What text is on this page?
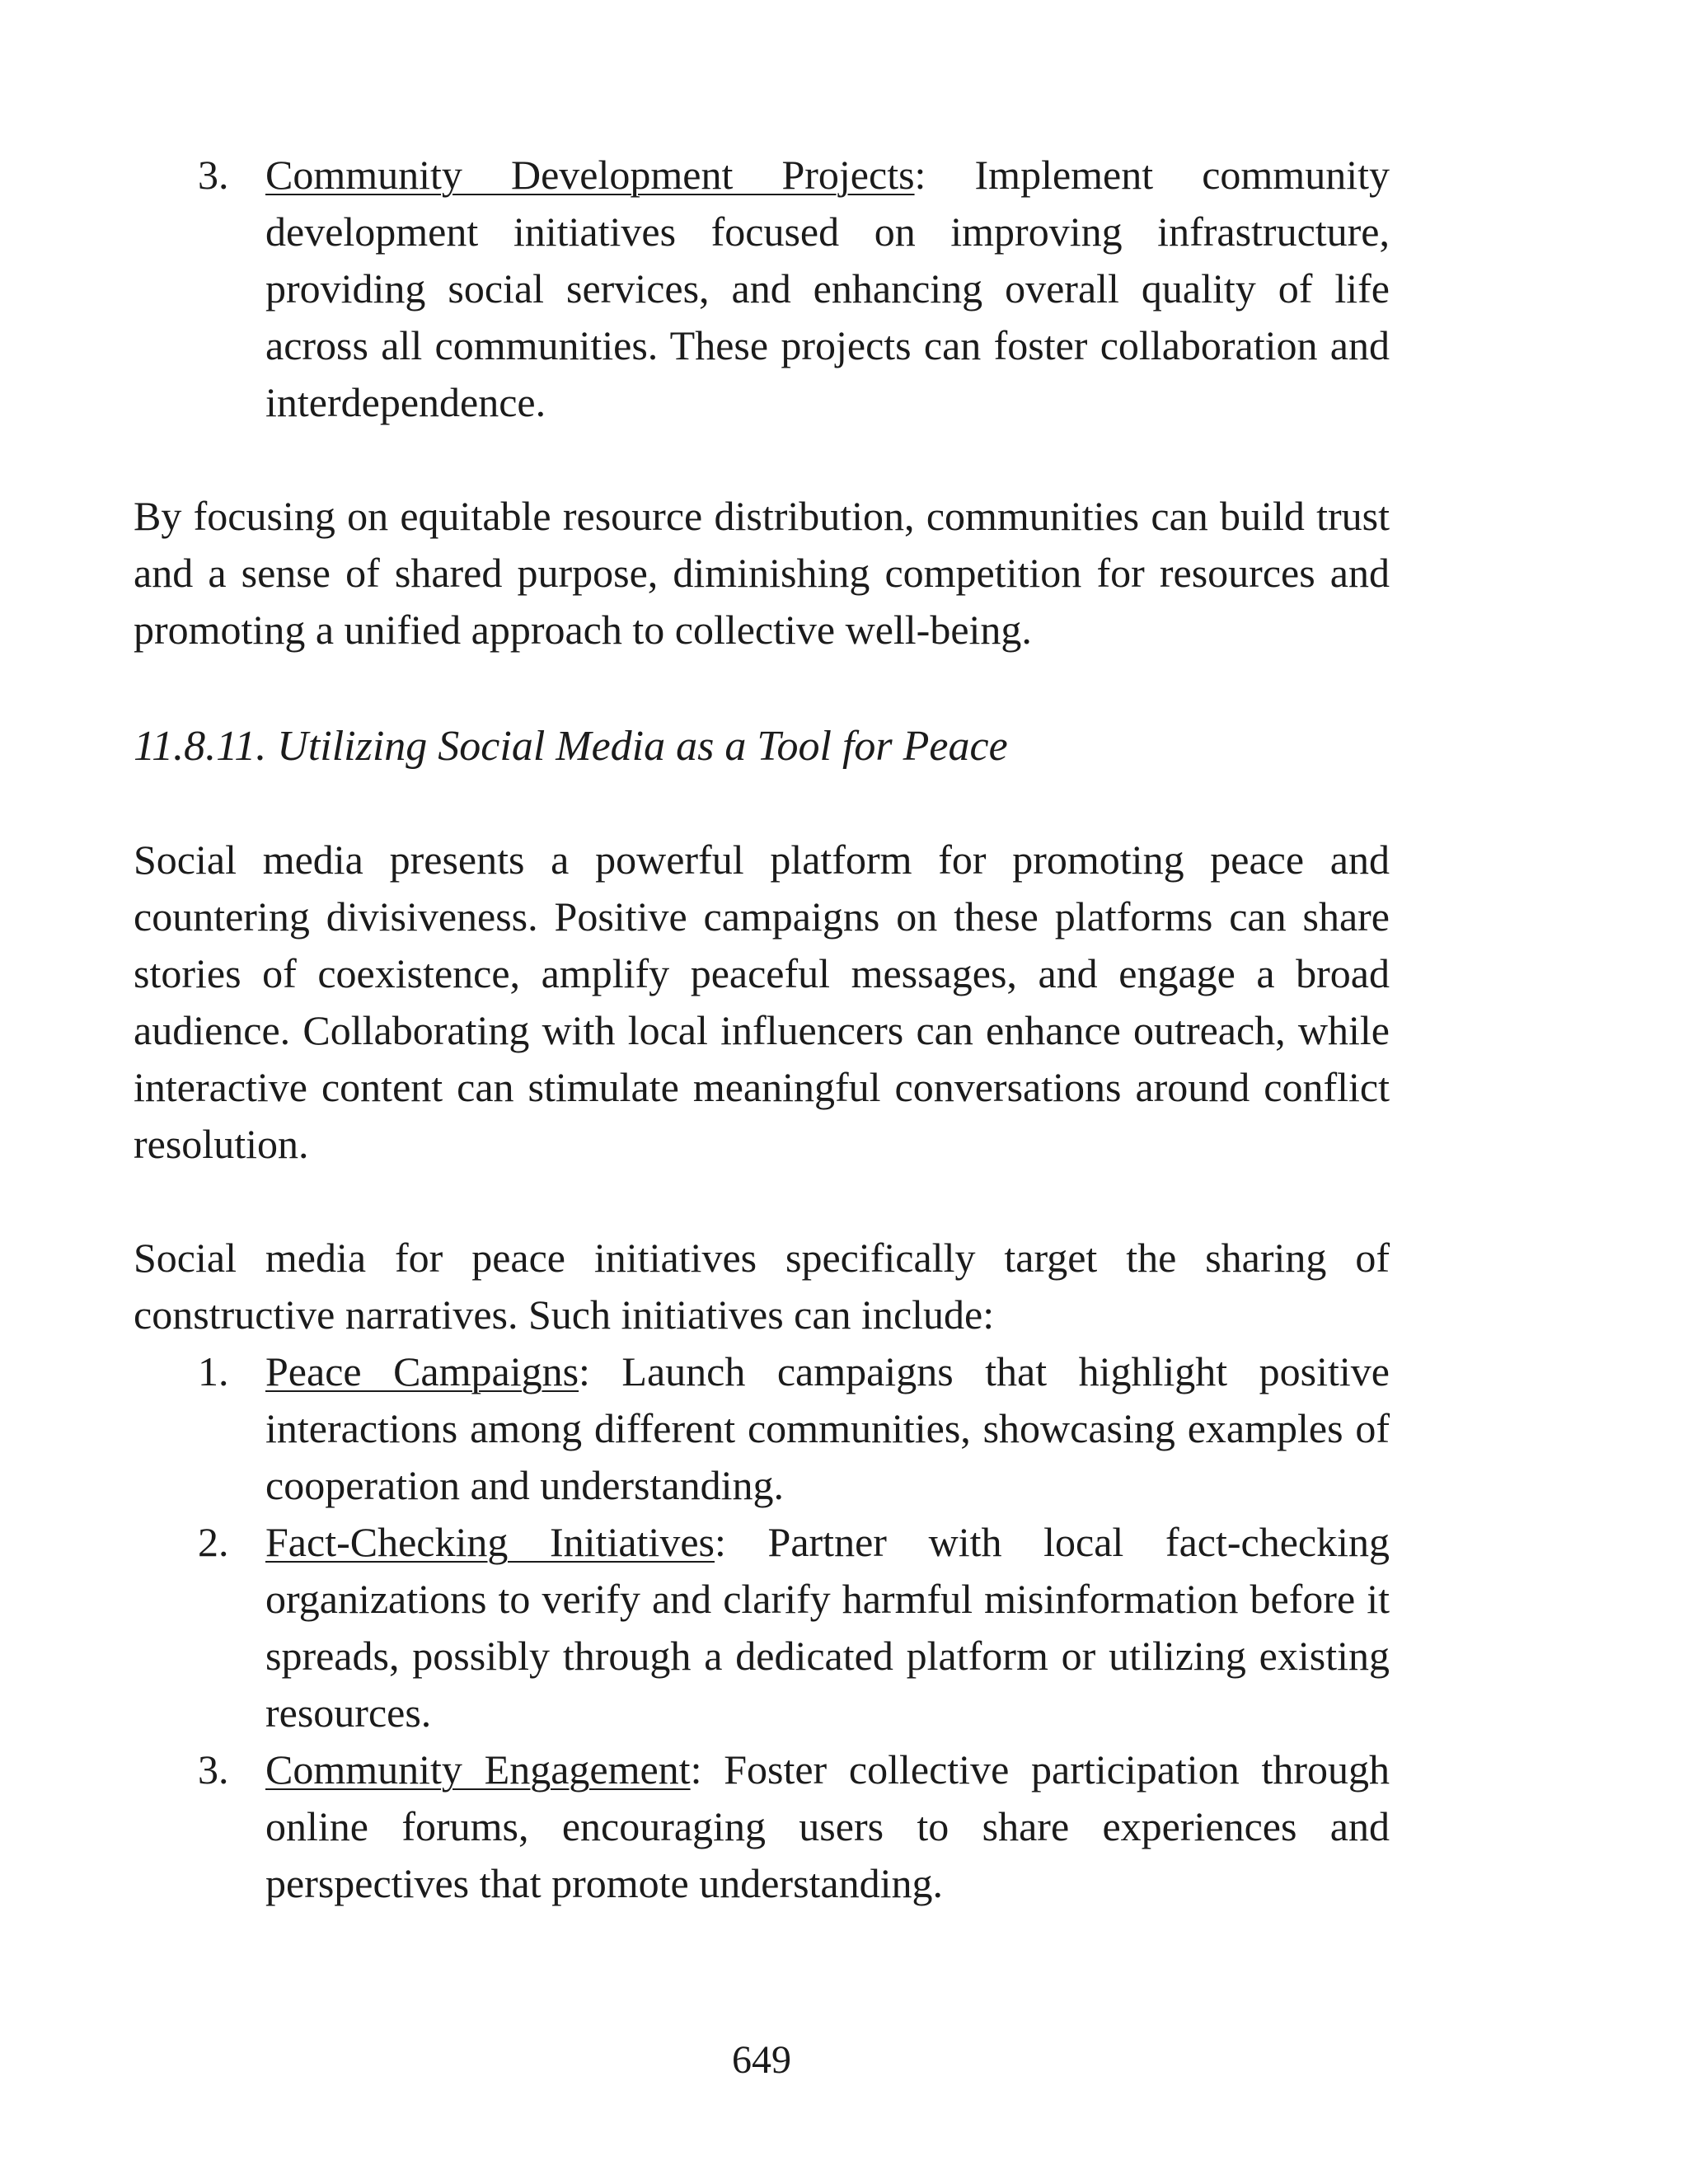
3. Community Development Projects: Implement community development initiatives focused on improving infrastructure, providing social services, and enhancing overall quality of life across all communities. These projects can foster collaboration and interdependence.

By focusing on equitable resource distribution, communities can build trust and a sense of shared purpose, diminishing competition for resources and promoting a unified approach to collective well-being.

11.8.11. Utilizing Social Media as a Tool for Peace

Social media presents a powerful platform for promoting peace and countering divisiveness. Positive campaigns on these platforms can share stories of coexistence, amplify peaceful messages, and engage a broad audience. Collaborating with local influencers can enhance outreach, while interactive content can stimulate meaningful conversations around conflict resolution.

Social media for peace initiatives specifically target the sharing of constructive narratives. Such initiatives can include:

1. Peace Campaigns: Launch campaigns that highlight positive interactions among different communities, showcasing examples of cooperation and understanding.
2. Fact-Checking Initiatives: Partner with local fact-checking organizations to verify and clarify harmful misinformation before it spreads, possibly through a dedicated platform or utilizing existing resources.
3. Community Engagement: Foster collective participation through online forums, encouraging users to share experiences and perspectives that promote understanding.
649
